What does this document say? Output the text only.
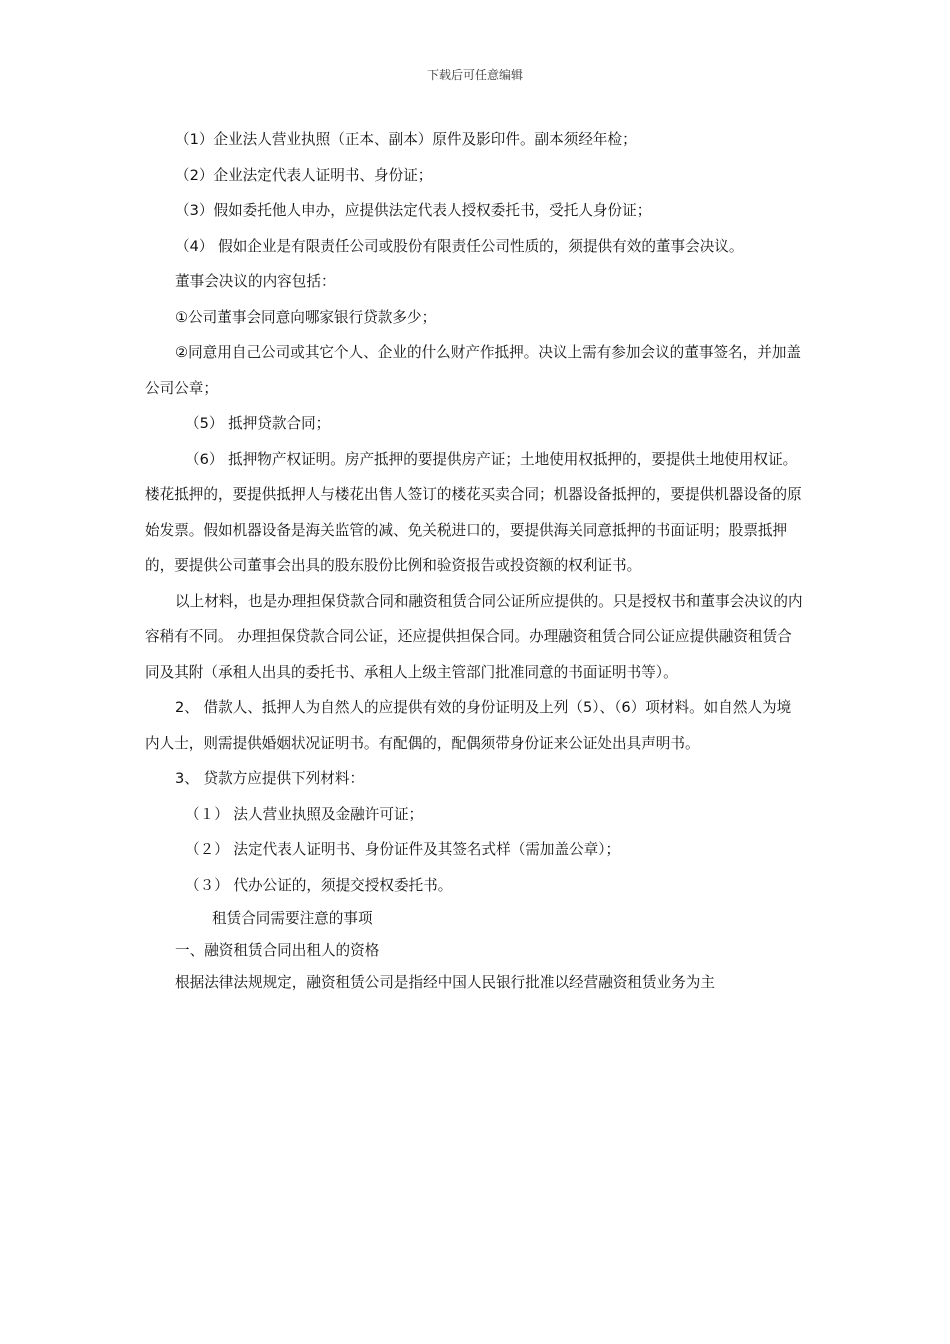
下载后可任意编辑

（1）企业法人营业执照（正本、副本）原件及影印件。副本须经年检；

（2）企业法定代表人证明书、身份证；

（3）假如委托他人申办，应提供法定代表人授权委托书，受托人身份证；

（4） 假如企业是有限责任公司或股份有限责任公司性质的，须提供有效的董事会决议。

董事会决议的内容包括：

①公司董事会同意向哪家银行贷款多少；

②同意用自己公司或其它个人、企业的什么财产作抵押。决议上需有参加会议的董事签名，并加盖公司公章；

（5） 抵押贷款合同；

（6） 抵押物产权证明。房产抵押的要提供房产证；土地使用权抵押的，要提供土地使用权证。楼花抵押的，要提供抵押人与楼花出售人签订的楼花买卖合同；机器设备抵押的，要提供机器设备的原始发票。假如机器设备是海关监管的减、免关税进口的，要提供海关同意抵押的书面证明；股票抵押的，要提供公司董事会出具的股东股份比例和验资报告或投资额的权利证书。

以上材料，也是办理担保贷款合同和融资租赁合同公证所应提供的。只是授权书和董事会决议的内容稍有不同。 办理担保贷款合同公证，还应提供担保合同。办理融资租赁合同公证应提供融资租赁合同及其附（承租人出具的委托书、承租人上级主管部门批准同意的书面证明书等）。

2、 借款人、抵押人为自然人的应提供有效的身份证明及上列（5）、（6）项材料。如自然人为境内人士，则需提供婚姻状况证明书。有配偶的，配偶须带身份证来公证处出具声明书。

3、 贷款方应提供下列材料：

（１） 法人营业执照及金融许可证；

（２） 法定代表人证明书、身份证件及其签名式样（需加盖公章）；

（３） 代办公证的，须提交授权委托书。

租赁合同需要注意的事项

一、融资租赁合同出租人的资格

根据法律法规规定，融资租赁公司是指经中国人民银行批准以经营融资租赁业务为主
